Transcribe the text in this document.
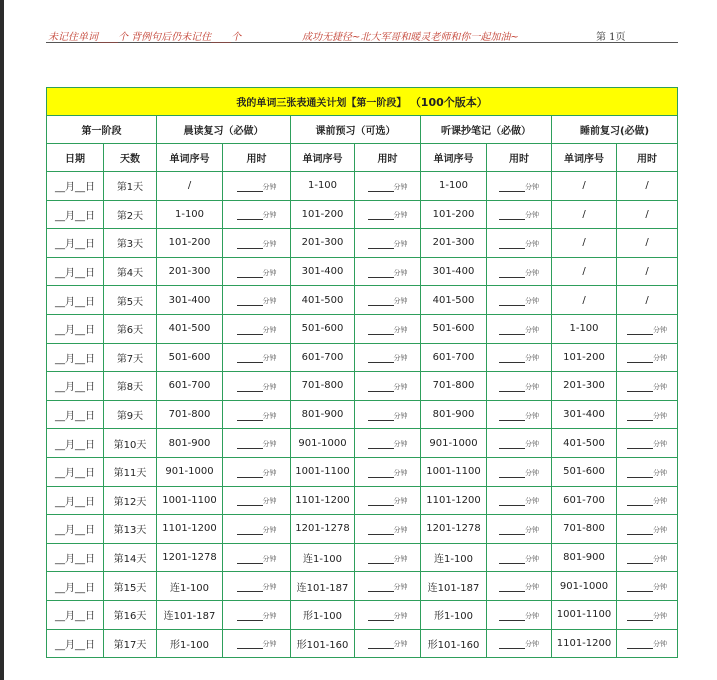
未记住单词____个 背例句后仍未记住____个	成功无捷径~北大军哥和暖灵老师和你一起加油~	第 1页
我的单词三张表通关计划【第一阶段】 （100个版本）									
第一阶段		晨读复习（必做）		课前预习（可选）		听课抄笔记（必做）		睡前复习(必做)	
日期	天数	单词序号	用时	单词序号	用时	单词序号	用时	单词序号	用时
__月__日	第1天	/	分钟	1-100	分钟	1-100	分钟	/	/
__月__日	第2天	1-100	分钟	101-200	分钟	101-200	分钟	/	/
__月__日	第3天	101-200	分钟	201-300	分钟	201-300	分钟	/	/
__月__日	第4天	201-300	分钟	301-400	分钟	301-400	分钟	/	/
__月__日	第5天	301-400	分钟	401-500	分钟	401-500	分钟	/	/
__月__日	第6天	401-500	分钟	501-600	分钟	501-600	分钟	1-100	分钟
__月__日	第7天	501-600	分钟	601-700	分钟	601-700	分钟	101-200	分钟
__月__日	第8天	601-700	分钟	701-800	分钟	701-800	分钟	201-300	分钟
__月__日	第9天	701-800	分钟	801-900	分钟	801-900	分钟	301-400	分钟
__月__日	第10天	801-900	分钟	901-1000	分钟	901-1000	分钟	401-500	分钟
__月__日	第11天	901-1000	分钟	1001-1100	分钟	1001-1100	分钟	501-600	分钟
__月__日	第12天	1001-1100	分钟	1101-1200	分钟	1101-1200	分钟	601-700	分钟
__月__日	第13天	1101-1200	分钟	1201-1278	分钟	1201-1278	分钟	701-800	分钟
__月__日	第14天	1201-1278	分钟	连1-100	分钟	连1-100	分钟	801-900	分钟
__月__日	第15天	连1-100	分钟	连101-187	分钟	连101-187	分钟	901-1000	分钟
__月__日	第16天	连101-187	分钟	形1-100	分钟	形1-100	分钟	1001-1100	分钟
__月__日	第17天	形1-100	分钟	形101-160	分钟	形101-160	分钟	1101-1200	分钟
